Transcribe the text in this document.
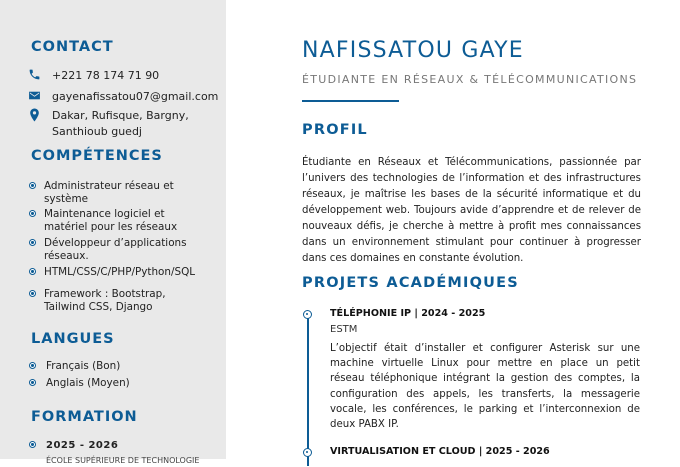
CONTACT
+221 78 174 71 90
gayenafissatou07@gmail.com
Dakar, Rufisque, Bargny,
Santhioub guedj
COMPÉTENCES
Administrateur réseau et système
Maintenance logiciel et matériel pour les réseaux
Développeur d’applications réseaux.
HTML/CSS/C/PHP/Python/SQL
Framework : Bootstrap, Tailwind CSS, Django
LANGUES
Français (Bon)
Anglais (Moyen)
FORMATION
2025 - 2026
ÉCOLE SUPÉRIEURE DE TECHNOLOGIE
NAFISSATOU GAYE

ÉTUDIANTE EN RÉSEAUX & TÉLÉCOMMUNICATIONS

PROFIL

Étudiante en Réseaux et Télécommunications, passionnée par l’univers des technologies de l’information et des infrastructures réseaux, je maîtrise les bases de la sécurité informatique et du développement web. Toujours avide d’apprendre et de relever de nouveaux défis, je cherche à mettre à profit mes connaissances dans un environnement stimulant pour continuer à progresser dans ces domaines en constante évolution.

PROJETS ACADÉMIQUES

TÉLÉPHONIE IP | 2024 - 2025

ESTM

L’objectif était d’installer et configurer Asterisk sur une machine virtuelle Linux pour mettre en place un petit réseau téléphonique intégrant la gestion des comptes, la configuration des appels, les transferts, la messagerie vocale, les conférences, le parking et l’interconnexion de deux PABX IP.

VIRTUALISATION ET CLOUD | 2025 - 2026
